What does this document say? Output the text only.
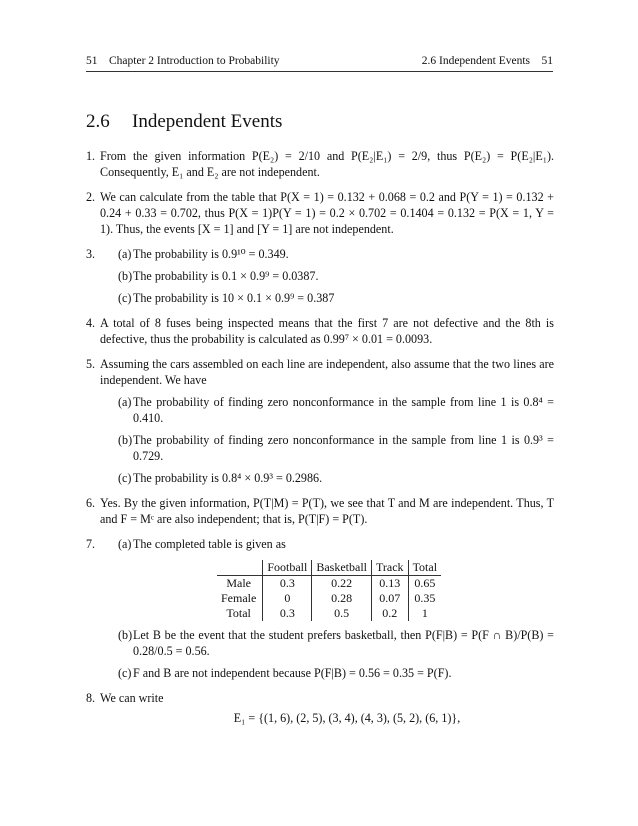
51    Chapter 2 Introduction to Probability	2.6 Independent Events    51
2.6 Independent Events
1. From the given information P(E₂) = 2/10 and P(E₂|E₁) = 2/9, thus P(E₂) = P(E₂|E₁). Consequently, E₁ and E₂ are not independent.
2. We can calculate from the table that P(X = 1) = 0.132 + 0.068 = 0.2 and P(Y = 1) = 0.132 + 0.24 + 0.33 = 0.702, thus P(X = 1)P(Y = 1) = 0.2 × 0.702 = 0.1404 = 0.132 = P(X = 1, Y = 1). Thus, the events [X = 1] and [Y = 1] are not independent.
3. (a) The probability is 0.9¹⁰ = 0.349.
(b) The probability is 0.1 × 0.9⁹ = 0.0387.
(c) The probability is 10 × 0.1 × 0.9⁹ = 0.387
4. A total of 8 fuses being inspected means that the first 7 are not defective and the 8th is defective, thus the probability is calculated as 0.99⁷ × 0.01 = 0.0093.
5. Assuming the cars assembled on each line are independent, also assume that the two lines are independent. We have
(a) The probability of finding zero nonconformance in the sample from line 1 is 0.8⁴ = 0.410.
(b) The probability of finding zero nonconformance in the sample from line 1 is 0.9³ = 0.729.
(c) The probability is 0.8⁴ × 0.9³ = 0.2986.
6. Yes. By the given information, P(T|M) = P(T), we see that T and M are independent. Thus, T and F = Mᶜ are also independent; that is, P(T|F) = P(T).
7. (a) The completed table is given as
	Football	Basketball	Track	Total
Male	0.3	0.22	0.13	0.65
Female	0	0.28	0.07	0.35
Total	0.3	0.5	0.2	1
(b) Let B be the event that the student prefers basketball, then P(F|B) = P(F ∩ B)/P(B) = 0.28/0.5 = 0.56.
(c) F and B are not independent because P(F|B) = 0.56 = 0.35 = P(F).
8. We can write
E₁ = {(1, 6), (2, 5), (3, 4), (4, 3), (5, 2), (6, 1)},
